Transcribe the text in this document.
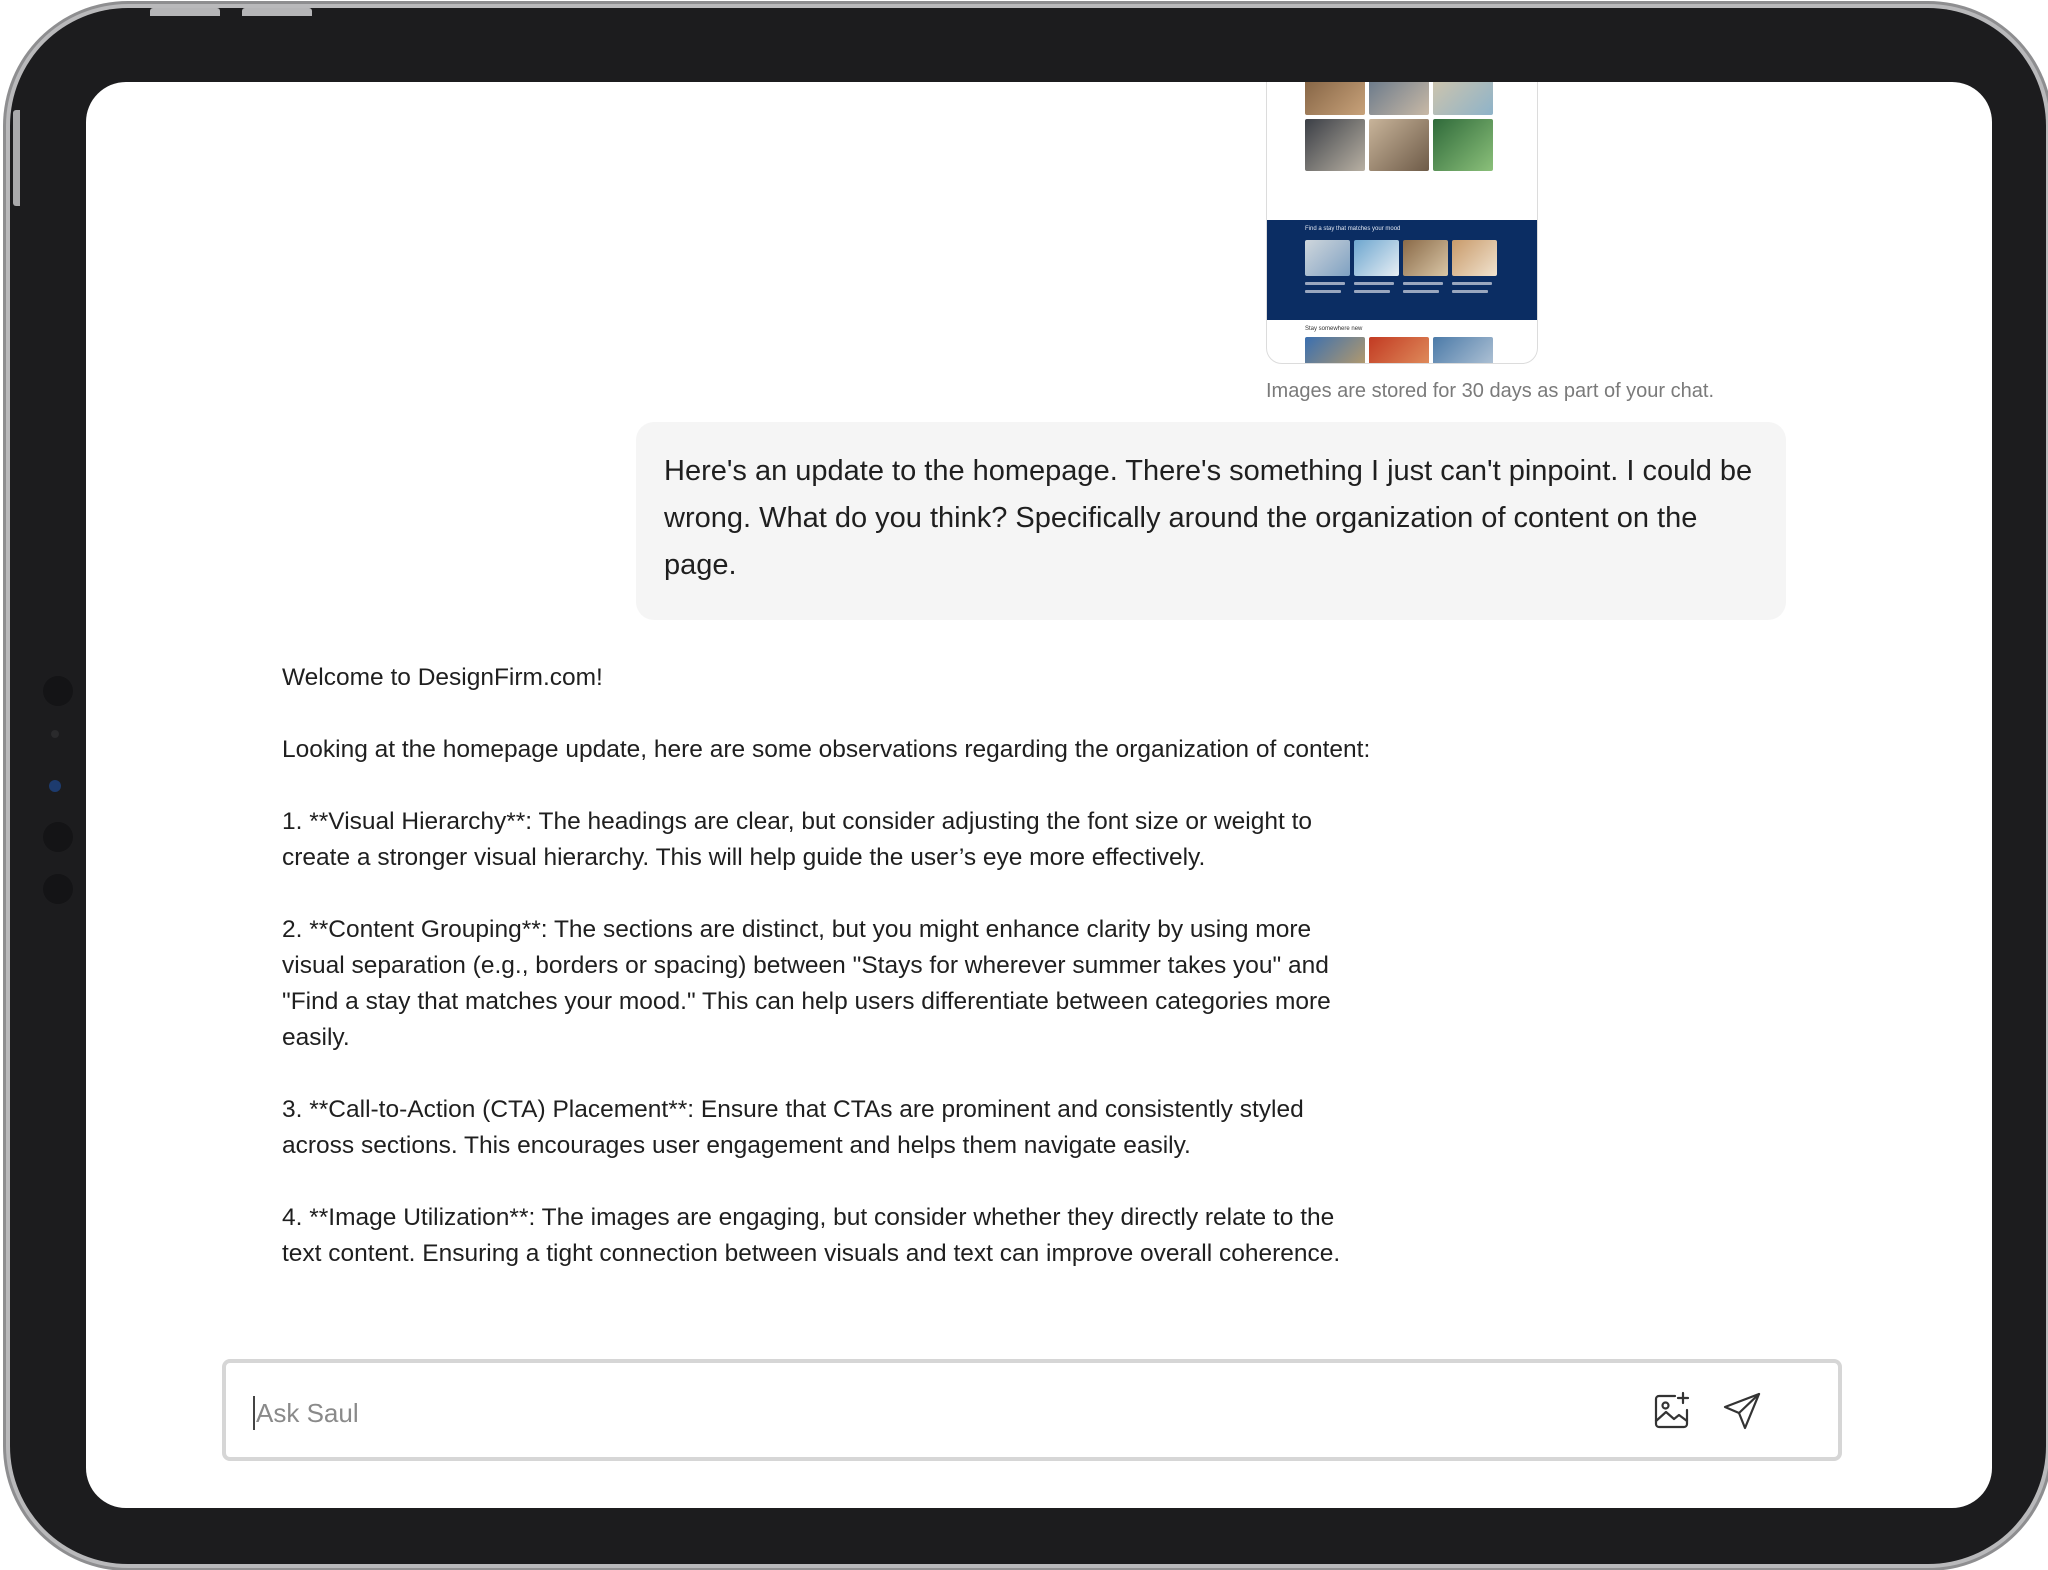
Find a stay that matches your mood
Stay somewhere new
Images are stored for 30 days as part of your chat.
Here's an update to the homepage. There's something I just can't pinpoint. I could be wrong. What do you think? Specifically around the organization of content on the page.

Welcome to DesignFirm.com!

Looking at the homepage update, here are some observations regarding the organization of content:

1. **Visual Hierarchy**: The headings are clear, but consider adjusting the font size or weight to create a stronger visual hierarchy. This will help guide the user’s eye more effectively.

2. **Content Grouping**: The sections are distinct, but you might enhance clarity by using more visual separation (e.g., borders or spacing) between "Stays for wherever summer takes you" and "Find a stay that matches your mood." This can help users differentiate between categories more easily.

3. **Call-to-Action (CTA) Placement**: Ensure that CTAs are prominent and consistently styled across sections. This encourages user engagement and helps them navigate easily.

4. **Image Utilization**: The images are engaging, but consider whether they directly relate to the text content. Ensuring a tight connection between visuals and text can improve overall coherence.

Ask Saul
